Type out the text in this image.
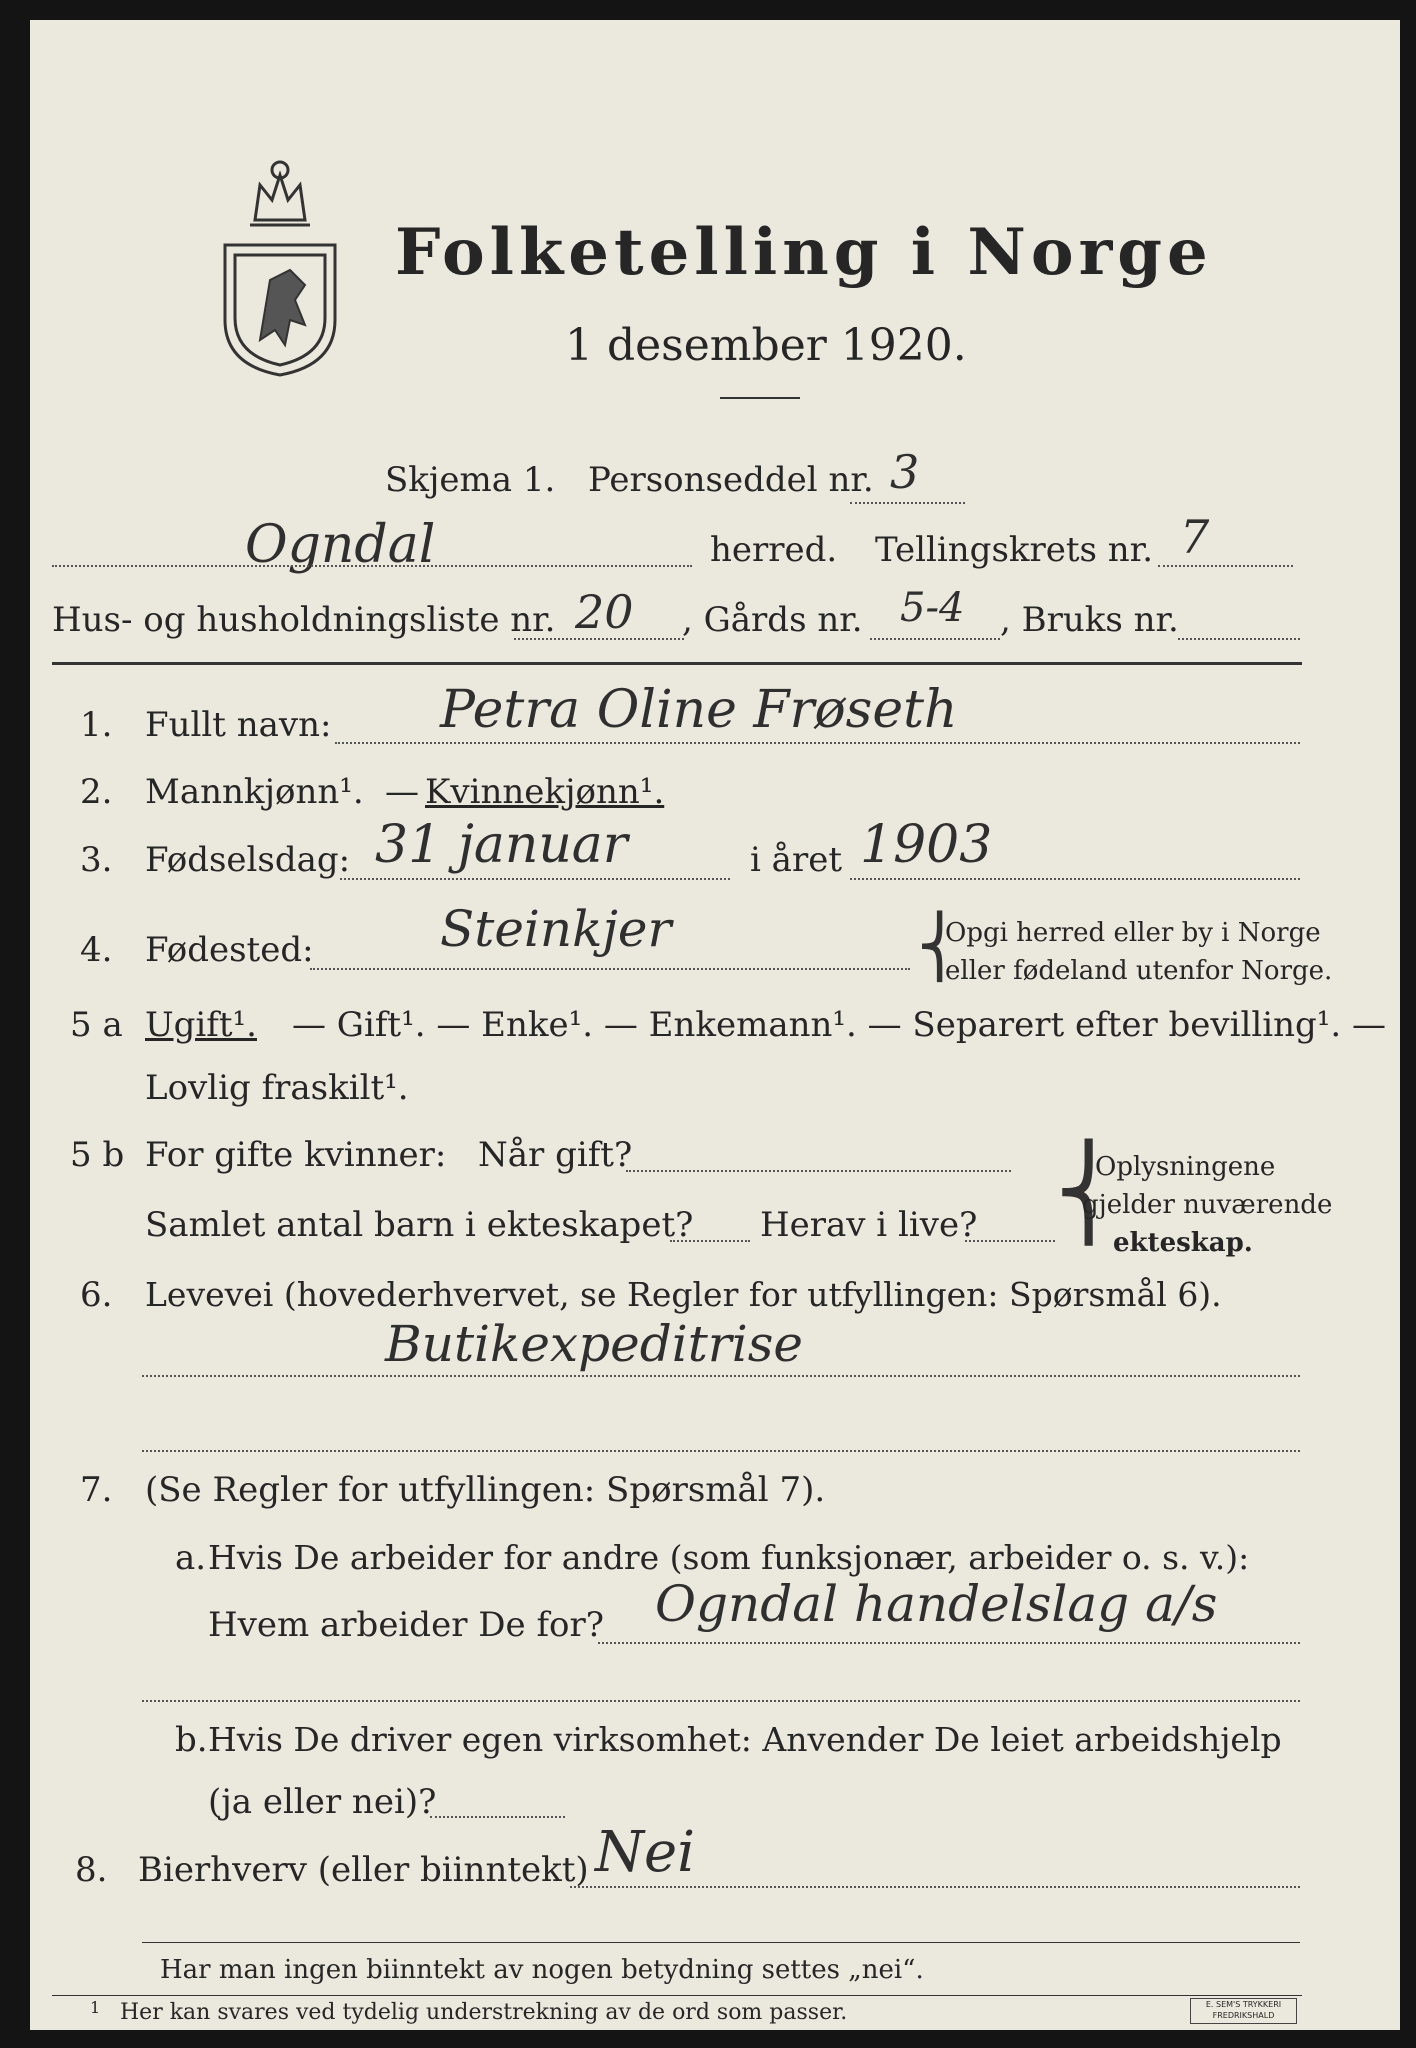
Folketelling i Norge
1 desember 1920.
Skjema 1. Personseddel nr. 3
Ogndal	herred. Tellingskrets nr. 7
Hus- og husholdningsliste nr. 20 , Gårds nr. 5-4 , Bruks nr.
1. Fullt navn: Petra Oline Frøseth
2. Mannkjønn¹. — Kvinnekjønn¹.
3. Fødselsdag: 31 januar	i året 1903
4. Fødested:	Steinkjer	⎨
Opgi herred eller by i Norge
eller fødeland utenfor Norge.
5 a Ugift¹. — Gift¹. — Enke¹. — Enkemann¹. — Separert efter bevilling¹. —
Lovlig fraskilt¹.
5 b For gifte kvinner: Når gift?
Samlet antal barn i ekteskapet? Herav i live? ⎨
Oplysningene
gjelder nuværende
ekteskap.
6. Levevei (hovederhvervet, se Regler for utfyllingen: Spørsmål 6).
Butikexpeditrise
7. (Se Regler for utfyllingen: Spørsmål 7).
a. Hvis De arbeider for andre (som funksjonær, arbeider o. s. v.):
Hvem arbeider De for? Ogndal handelslag a/s
b. Hvis De driver egen virksomhet: Anvender De leiet arbeidshjelp
(ja eller nei)?
8. Bierhverv (eller biinntekt) Nei
Har man ingen biinntekt av nogen betydning settes „nei“.
1 Her kan svares ved tydelig understrekning av de ord som passer.	E. SEM'S TRYKKERI
FREDRIKSHALD
